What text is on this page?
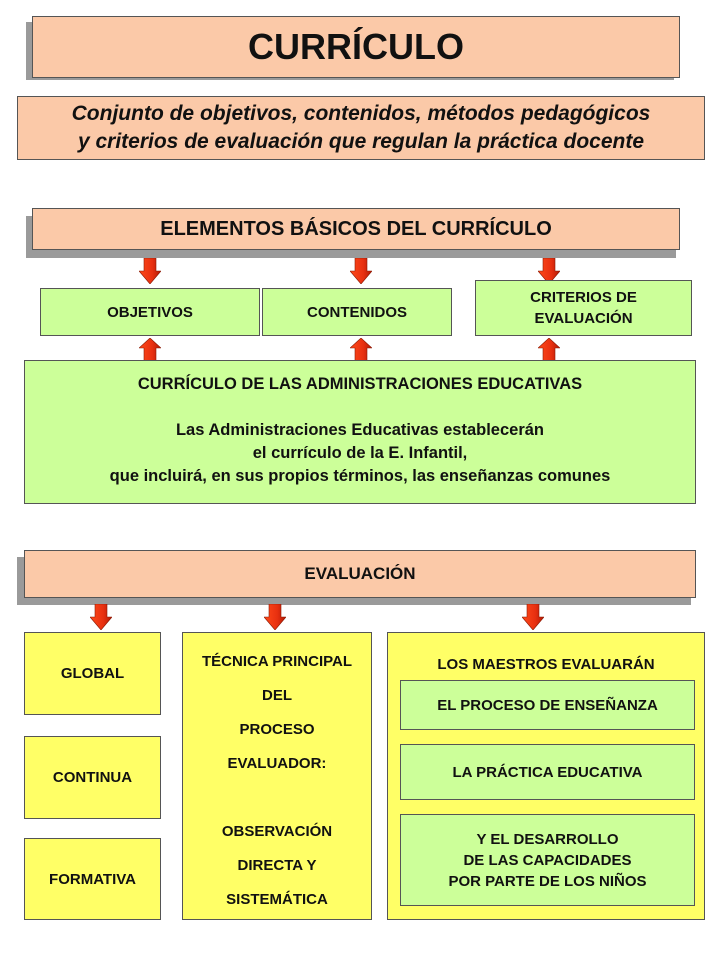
CURRÍCULO
Conjunto de objetivos, contenidos, métodos pedagógicos
y criterios de evaluación que regulan la práctica docente
ELEMENTOS BÁSICOS DEL CURRÍCULO
OBJETIVOS	CONTENIDOS
CRITERIOS DE
EVALUACIÓN
CURRÍCULO DE LAS ADMINISTRACIONES EDUCATIVAS
Las Administraciones Educativas establecerán
el currículo de la E. Infantil,
que incluirá, en sus propios términos, las enseñanzas comunes
EVALUACIÓN
GLOBAL
CONTINUA
FORMATIVA
TÉCNICA PRINCIPAL
DEL
PROCESO
EVALUADOR:
OBSERVACIÓN
DIRECTA Y
SISTEMÁTICA
LOS MAESTROS EVALUARÁN
EL PROCESO DE ENSEÑANZA
LA PRÁCTICA EDUCATIVA
Y EL DESARROLLO
DE LAS CAPACIDADES
POR PARTE DE LOS NIÑOS
